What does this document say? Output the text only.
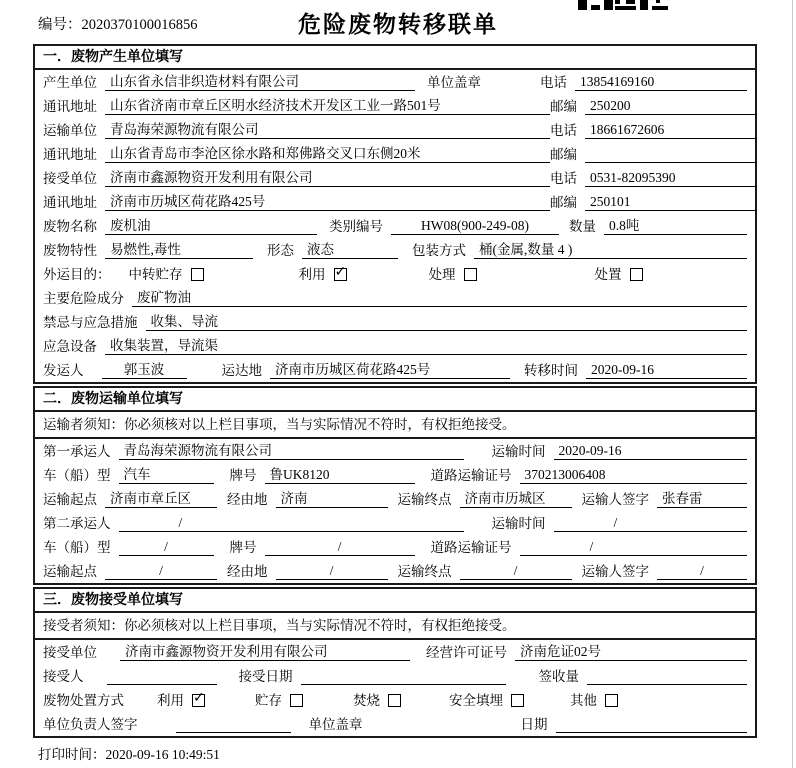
编号：2020370100016856	危险废物转移联单
一．废物产生单位填写
产生单位 山东省永信非织造材料有限公司	单位盖章	电话 13854169160
通讯地址 山东省济南市章丘区明水经济技术开发区工业一路501号	邮编 250200
运输单位 青岛海荣源物流有限公司	电话 18661672606
通讯地址 山东省青岛市李沧区徐水路和郑佛路交叉口东侧20米	邮编
接受单位 济南市鑫源物资开发利用有限公司	电话 0531-82095390
通讯地址 济南市历城区荷花路425号	邮编 250101
废物名称 废机油	类别编号	HW08(900-249-08)	数量 0.8吨
废物特性 易燃性,毒性	形态 液态	包装方式 桶(金属,数量 4 )
外运目的： 中转贮存	利用 ✓	处理	处置
主要危险成分 废矿物油
禁忌与应急措施 收集、导流
应急设备 收集装置，导流渠
发运人	郭玉波	运达地 济南市历城区荷花路425号	转移时间 2020-09-16
二．废物运输单位填写
运输者须知：你必须核对以上栏目事项，当与实际情况不符时，有权拒绝接受。
第一承运人 青岛海荣源物流有限公司	运输时间 2020-09-16
车（船）型 汽车	牌号 鲁UK8120	道路运输证号 370213006408
运输起点 济南市章丘区	经由地 济南	运输终点 济南市历城区	运输人签字 张春雷
第二承运人	/	运输时间	/
车（船）型	/	牌号	/	道路运输证号	/
运输起点	/	经由地	/	运输终点	/	运输人签字	/
三．废物接受单位填写
接受者须知：你必须核对以上栏目事项，当与实际情况不符时，有权拒绝接受。
接受单位	济南市鑫源物资开发利用有限公司	经营许可证号 济南危证02号
接受人	接受日期	签收量
废物处置方式 利用 ✓	贮存	焚烧	安全填埋	其他
单位负责人签字	单位盖章	日期
打印时间：2020-09-16 10:49:51
